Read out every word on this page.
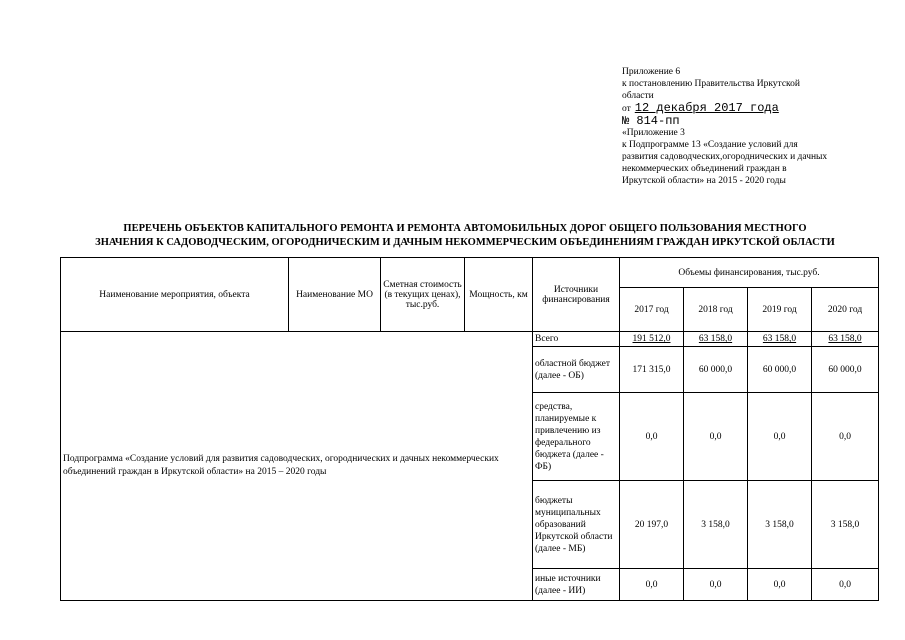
Приложение 6
к постановлению Правительства Иркутской
области
от 12 декабря 2017 года
№ 814-пп
«Приложение 3
к Подпрограмме 13 «Создание условий для
развития садоводческих,огороднических и дачных
некоммерческих объединений граждан в
Иркутской области» на 2015 - 2020 годы
ПЕРЕЧЕНЬ ОБЪЕКТОВ КАПИТАЛЬНОГО РЕМОНТА И РЕМОНТА АВТОМОБИЛЬНЫХ ДОРОГ ОБЩЕГО ПОЛЬЗОВАНИЯ МЕСТНОГО
ЗНАЧЕНИЯ К САДОВОДЧЕСКИМ, ОГОРОДНИЧЕСКИМ И ДАЧНЫМ НЕКОММЕРЧЕСКИМ ОБЪЕДИНЕНИЯМ ГРАЖДАН ИРКУТСКОЙ ОБЛАСТИ
Наименование мероприятия, объекта	Наименование МО	Сметная стоимость (в текущих ценах), тыс.руб.	Мощность, км	Источники финансирования	Объемы финансирования, тыс.руб.			
					2017 год	2018 год	2019 год	2020 год
Подпрограмма «Создание условий для развития садоводческих, огороднических и дачных некоммерческих объединений граждан в Иркутской области» на 2015 – 2020 годы				Всего	191 512,0	63 158,0	63 158,0	63 158,0
				областной бюджет (далее - ОБ)	171 315,0	60 000,0	60 000,0	60 000,0
				средства, планируемые к привлечению из федерального бюджета (далее - ФБ)	0,0	0,0	0,0	0,0
				бюджеты муниципальных образований Иркутской области (далее - МБ)	20 197,0	3 158,0	3 158,0	3 158,0
				иные источники (далее - ИИ)	0,0	0,0	0,0	0,0
